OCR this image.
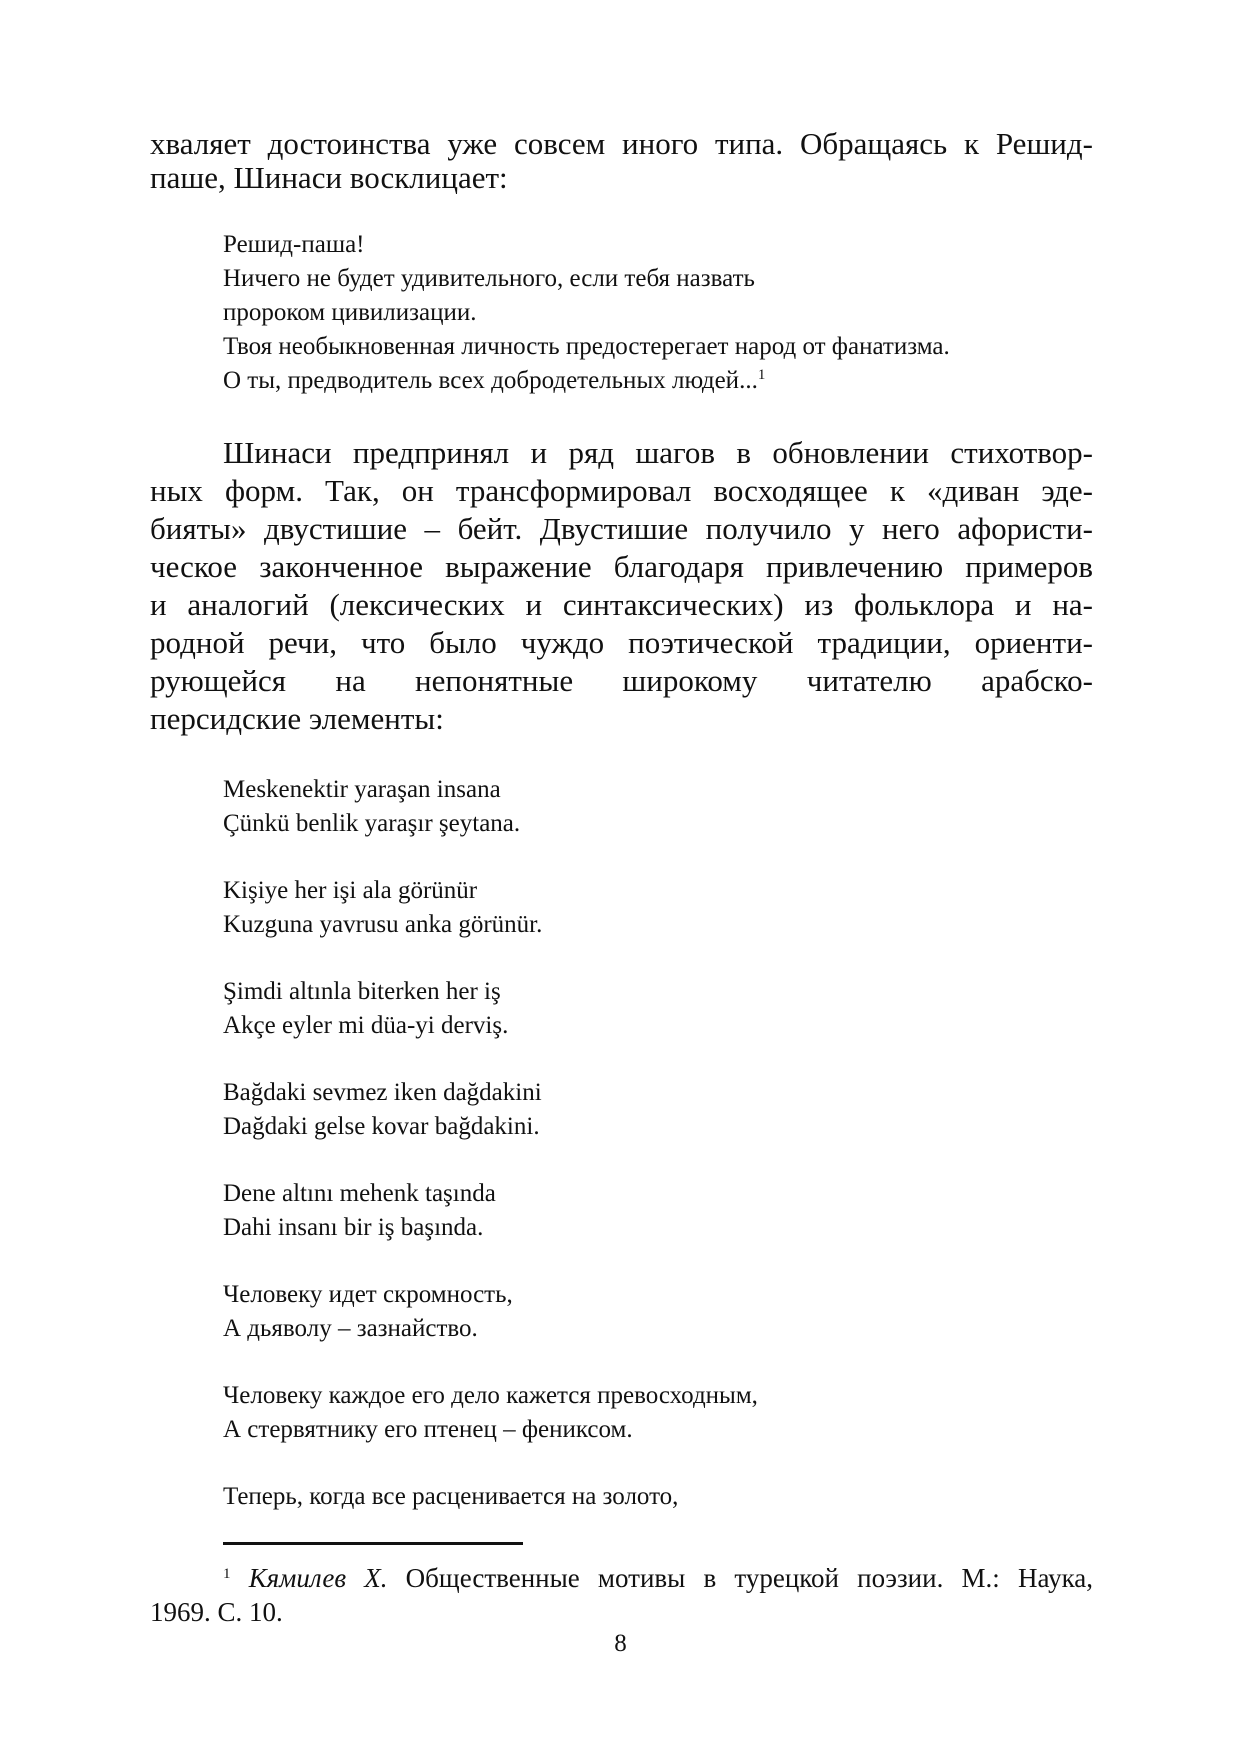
хваляет достоинства уже совсем иного типа. Обращаясь к Решид-
паше, Шинаси восклицает:
Решид-паша!
Ничего не будет удивительного, если тебя назвать
пророком цивилизации.
Твоя необыкновенная личность предостерегает народ от фанатизма.
О ты, предводитель всех добродетельных людей...$^1$
Шинаси предпринял и ряд шагов в обновлении стихотвор-
ных форм. Так, он трансформировал восходящее к «диван эде-
бияты» двустишие – бейт. Двустишие получило у него афористи-
ческое законченное выражение благодаря привлечению примеров
и аналогий (лексических и синтаксических) из фольклора и на-
родной речи, что было чуждо поэтической традиции, ориенти-
рующейся на непонятные широкому читателю арабско-
персидские элементы:
Meskenektir yaraşan insana
Çünkü benlik yaraşır şeytana.
Kişiye her işi ala görünür
Kuzguna yavrusu anka görünür.
Şimdi altınla biterken her iş
Akçe eyler mi düa-yi derviş.
Bağdaki sevmez iken dağdakini
Dağdaki gelse kovar bağdakini.
Dene altını mehenk taşında
Dahi insanı bir iş başında.
Человеку идет скромность,
А дьяволу – зазнайство.
Человеку каждое его дело кажется превосходным,
А стервятнику его птенец – фениксом.
Теперь, когда все расценивается на золото,
$^1$ Кямилев Х. Общественные мотивы в турецкой поэзии. М.: Наука,
1969. С. 10.
8
